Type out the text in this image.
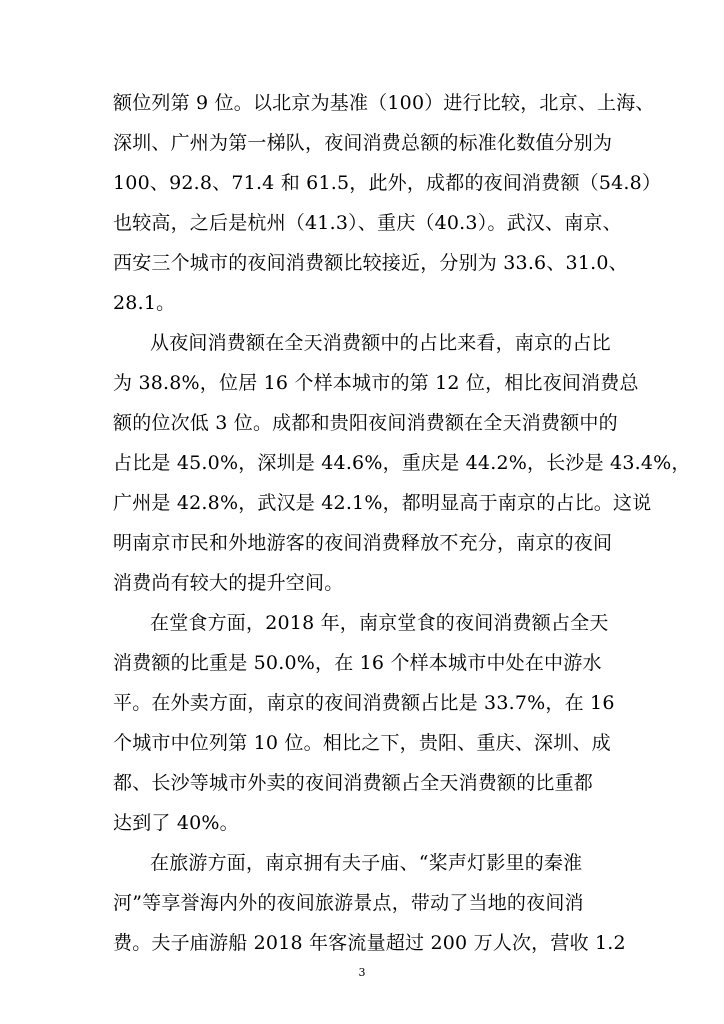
额位列第 9 位。以北京为基准（100）进行比较，北京、上海、
深圳、广州为第一梯队，夜间消费总额的标准化数值分别为
100、92.8、71.4 和 61.5，此外，成都的夜间消费额（54.8）
也较高，之后是杭州（41.3）、重庆（40.3）。武汉、南京、
西安三个城市的夜间消费额比较接近，分别为 33.6、31.0、
28.1。
从夜间消费额在全天消费额中的占比来看，南京的占比
为 38.8%，位居 16 个样本城市的第 12 位，相比夜间消费总
额的位次低 3 位。成都和贵阳夜间消费额在全天消费额中的
占比是 45.0%，深圳是 44.6%，重庆是 44.2%，长沙是 43.4%，
广州是 42.8%，武汉是 42.1%，都明显高于南京的占比。这说
明南京市民和外地游客的夜间消费释放不充分，南京的夜间
消费尚有较大的提升空间。
在堂食方面，2018 年，南京堂食的夜间消费额占全天
消费额的比重是 50.0%，在 16 个样本城市中处在中游水
平。在外卖方面，南京的夜间消费额占比是 33.7%，在 16
个城市中位列第 10 位。相比之下，贵阳、重庆、深圳、成
都、长沙等城市外卖的夜间消费额占全天消费额的比重都
达到了 40%。
在旅游方面，南京拥有夫子庙、“桨声灯影里的秦淮
河”等享誉海内外的夜间旅游景点，带动了当地的夜间消
费。夫子庙游船 2018 年客流量超过 200 万人次，营收 1.2
3
